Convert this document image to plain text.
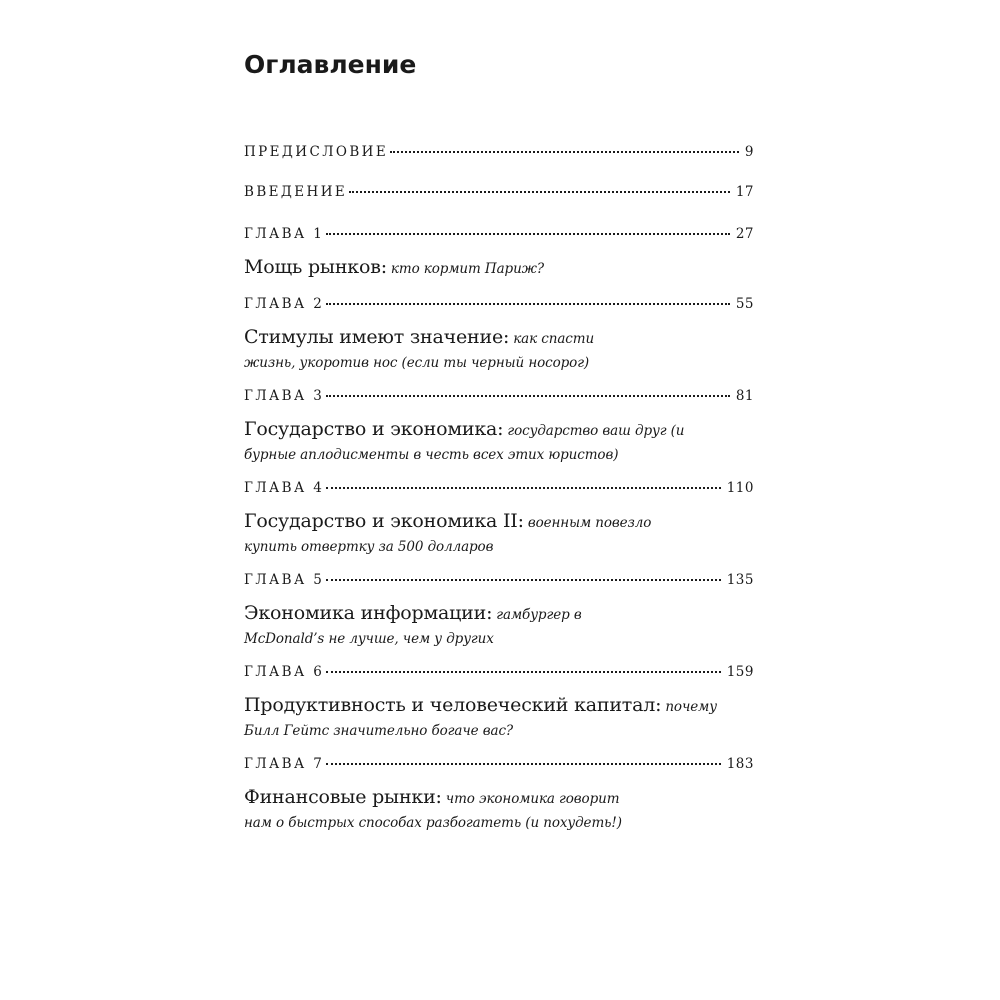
Оглавление
ПРЕДИСЛОВИЕ	9
ВВЕДЕНИЕ	17
ГЛАВА 1	27
Мощь рынков: кто кормит Париж?
ГЛАВА 2	55
Стимулы имеют значение: как спасти жизнь, укоротив нос (если ты черный носорог)
ГЛАВА 3	81
Государство и экономика: государство ваш друг (и бурные аплодисменты в честь всех этих юристов)
ГЛАВА 4	110
Государство и экономика II: военным повезло купить отвертку за 500 долларов
ГЛАВА 5	135
Экономика информации: гамбургер в McDonald’s не лучше, чем у других
ГЛАВА 6	159
Продуктивность и человеческий капитал: почему Билл Гейтс значительно богаче вас?
ГЛАВА 7	183
Финансовые рынки: что экономика говорит нам о быстрых способах разбогатеть (и похудеть!)
